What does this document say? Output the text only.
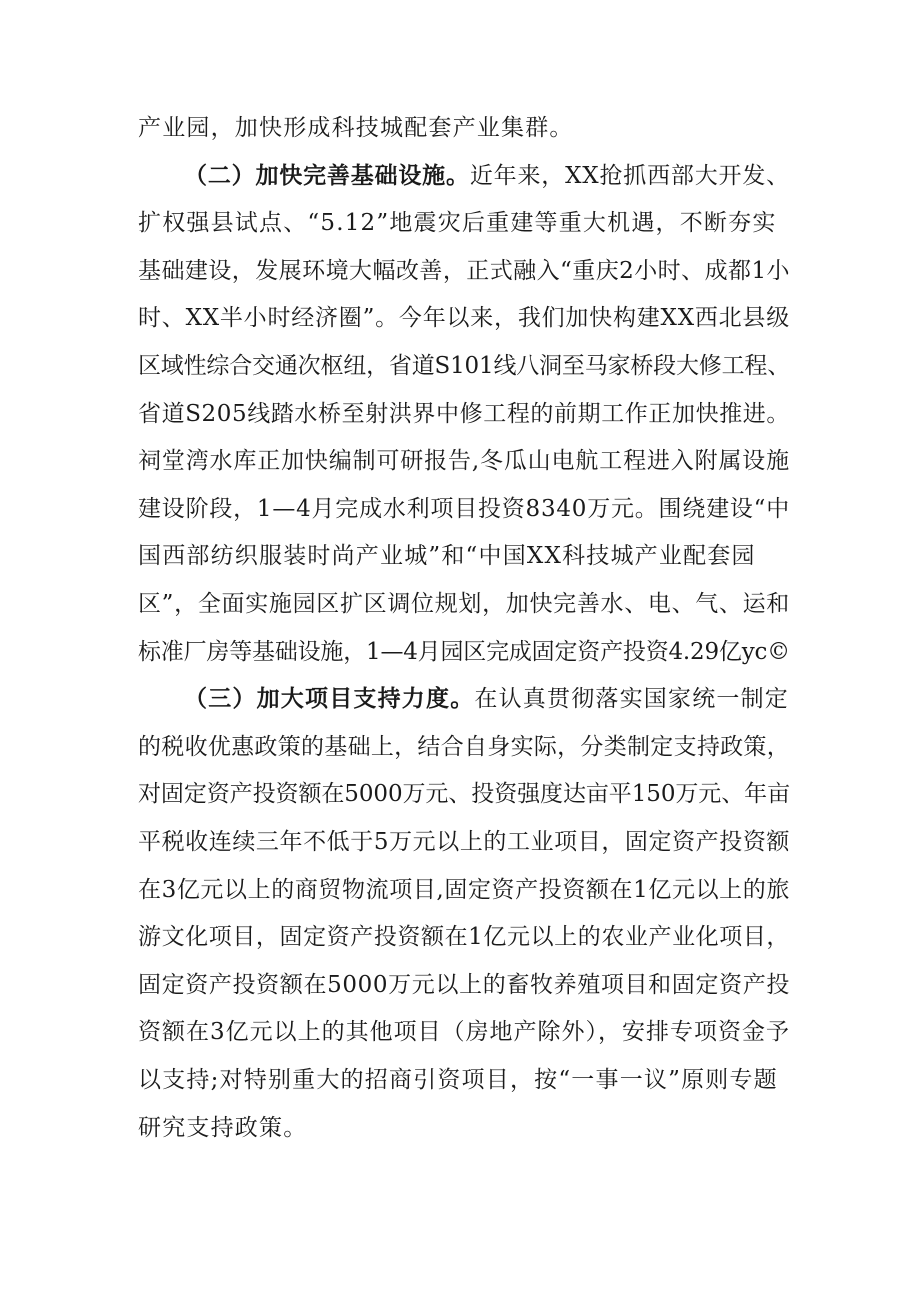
产业园，加快形成科技城配套产业集群。
（二）加快完善基础设施。近年来，XX抢抓西部大开发、
扩权强县试点、“5.12”地震灾后重建等重大机遇，不断夯实
基础建设，发展环境大幅改善，正式融入“重庆2小时、成都1小
时、XX半小时经济圈”。今年以来，我们加快构建XX西北县级
区域性综合交通次枢纽，省道S101线八洞至马家桥段大修工程、
省道S205线踏水桥至射洪界中修工程的前期工作正加快推进。
祠堂湾水库正加快编制可研报告,冬瓜山电航工程进入附属设施
建设阶段，1—4月完成水利项目投资8340万元。围绕建设“中
国西部纺织服装时尚产业城”和“中国XX科技城产业配套园
区”，全面实施园区扩区调位规划，加快完善水、电、气、运和
标准厂房等基础设施，1—4月园区完成固定资产投资4.29亿yc©
（三）加大项目支持力度。在认真贯彻落实国家统一制定
的税收优惠政策的基础上，结合自身实际，分类制定支持政策，
对固定资产投资额在5000万元、投资强度达亩平150万元、年亩
平税收连续三年不低于5万元以上的工业项目，固定资产投资额
在3亿元以上的商贸物流项目,固定资产投资额在1亿元以上的旅
游文化项目，固定资产投资额在1亿元以上的农业产业化项目，
固定资产投资额在5000万元以上的畜牧养殖项目和固定资产投
资额在3亿元以上的其他项目（房地产除外），安排专项资金予
以支持;对特别重大的招商引资项目，按“一事一议”原则专题
研究支持政策。
